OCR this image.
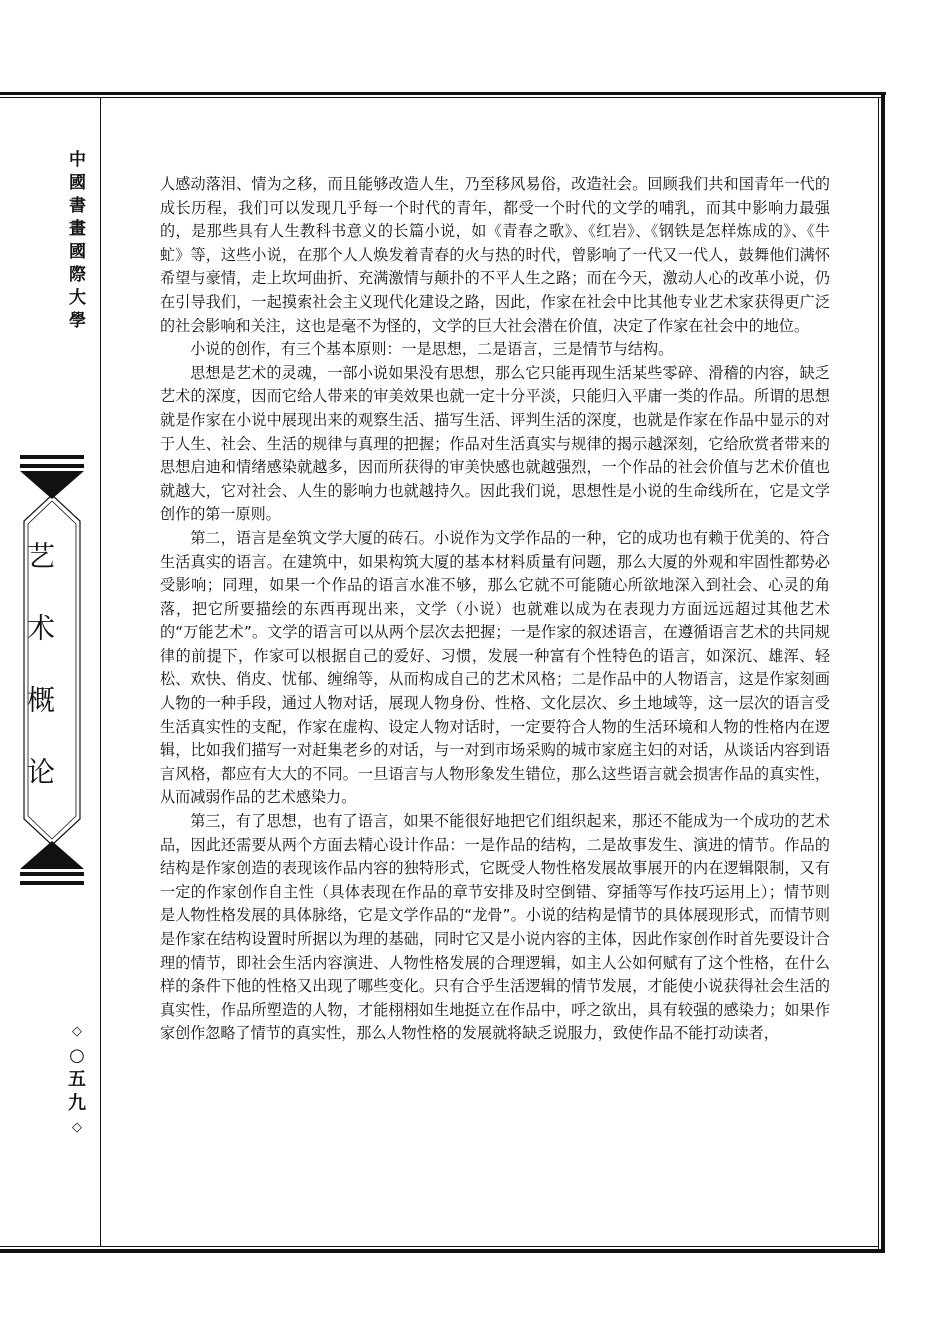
中國書畫國際大學
艺术概论
◇
○
五
九
◇

人感动落泪、情为之移，而且能够改造人生，乃至移风易俗，改造社会。回顾我们共和国青年一代的成长历程，我们可以发现几乎每一个时代的青年，都受一个时代的文学的哺乳，而其中影响力最强的，是那些具有人生教科书意义的长篇小说，如《青春之歌》、《红岩》、《钢铁是怎样炼成的》、《牛虻》等，这些小说，在那个人人焕发着青春的火与热的时代，曾影响了一代又一代人，鼓舞他们满怀希望与豪情，走上坎坷曲折、充满激情与颠扑的不平人生之路；而在今天，激动人心的改革小说，仍在引导我们，一起摸索社会主义现代化建设之路，因此，作家在社会中比其他专业艺术家获得更广泛的社会影响和关注，这也是毫不为怪的，文学的巨大社会潜在价值，决定了作家在社会中的地位。

小说的创作，有三个基本原则：一是思想，二是语言，三是情节与结构。

思想是艺术的灵魂，一部小说如果没有思想，那么它只能再现生活某些零碎、滑稽的内容，缺乏艺术的深度，因而它给人带来的审美效果也就一定十分平淡，只能归入平庸一类的作品。所谓的思想就是作家在小说中展现出来的观察生活、描写生活、评判生活的深度，也就是作家在作品中显示的对于人生、社会、生活的规律与真理的把握；作品对生活真实与规律的揭示越深刻，它给欣赏者带来的思想启迪和情绪感染就越多，因而所获得的审美快感也就越强烈，一个作品的社会价值与艺术价值也就越大，它对社会、人生的影响力也就越持久。因此我们说，思想性是小说的生命线所在，它是文学创作的第一原则。

第二，语言是垒筑文学大厦的砖石。小说作为文学作品的一种，它的成功也有赖于优美的、符合生活真实的语言。在建筑中，如果构筑大厦的基本材料质量有问题，那么大厦的外观和牢固性都势必受影响；同理，如果一个作品的语言水准不够，那么它就不可能随心所欲地深入到社会、心灵的角落，把它所要描绘的东西再现出来，文学（小说）也就难以成为在表现力方面远远超过其他艺术的“万能艺术”。文学的语言可以从两个层次去把握；一是作家的叙述语言，在遵循语言艺术的共同规律的前提下，作家可以根据自己的爱好、习惯，发展一种富有个性特色的语言，如深沉、雄浑、轻松、欢快、俏皮、忧郁、缠绵等，从而构成自己的艺术风格；二是作品中的人物语言，这是作家刻画人物的一种手段，通过人物对话，展现人物身份、性格、文化层次、乡土地域等，这一层次的语言受生活真实性的支配，作家在虚构、设定人物对话时，一定要符合人物的生活环境和人物的性格内在逻辑，比如我们描写一对赶集老乡的对话，与一对到市场采购的城市家庭主妇的对话，从谈话内容到语言风格，都应有大大的不同。一旦语言与人物形象发生错位，那么这些语言就会损害作品的真实性，从而减弱作品的艺术感染力。

第三，有了思想，也有了语言，如果不能很好地把它们组织起来，那还不能成为一个成功的艺术品，因此还需要从两个方面去精心设计作品：一是作品的结构，二是故事发生、演进的情节。作品的结构是作家创造的表现该作品内容的独特形式，它既受人物性格发展故事展开的内在逻辑限制，又有一定的作家创作自主性（具体表现在作品的章节安排及时空倒错、穿插等写作技巧运用上）；情节则是人物性格发展的具体脉络，它是文学作品的“龙骨”。小说的结构是情节的具体展现形式，而情节则是作家在结构设置时所据以为理的基础，同时它又是小说内容的主体，因此作家创作时首先要设计合理的情节，即社会生活内容演进、人物性格发展的合理逻辑，如主人公如何赋有了这个性格，在什么样的条件下他的性格又出现了哪些变化。只有合乎生活逻辑的情节发展，才能使小说获得社会生活的真实性，作品所塑造的人物，才能栩栩如生地挺立在作品中，呼之欲出，具有较强的感染力；如果作家创作忽略了情节的真实性，那么人物性格的发展就将缺乏说服力，致使作品不能打动读者，
